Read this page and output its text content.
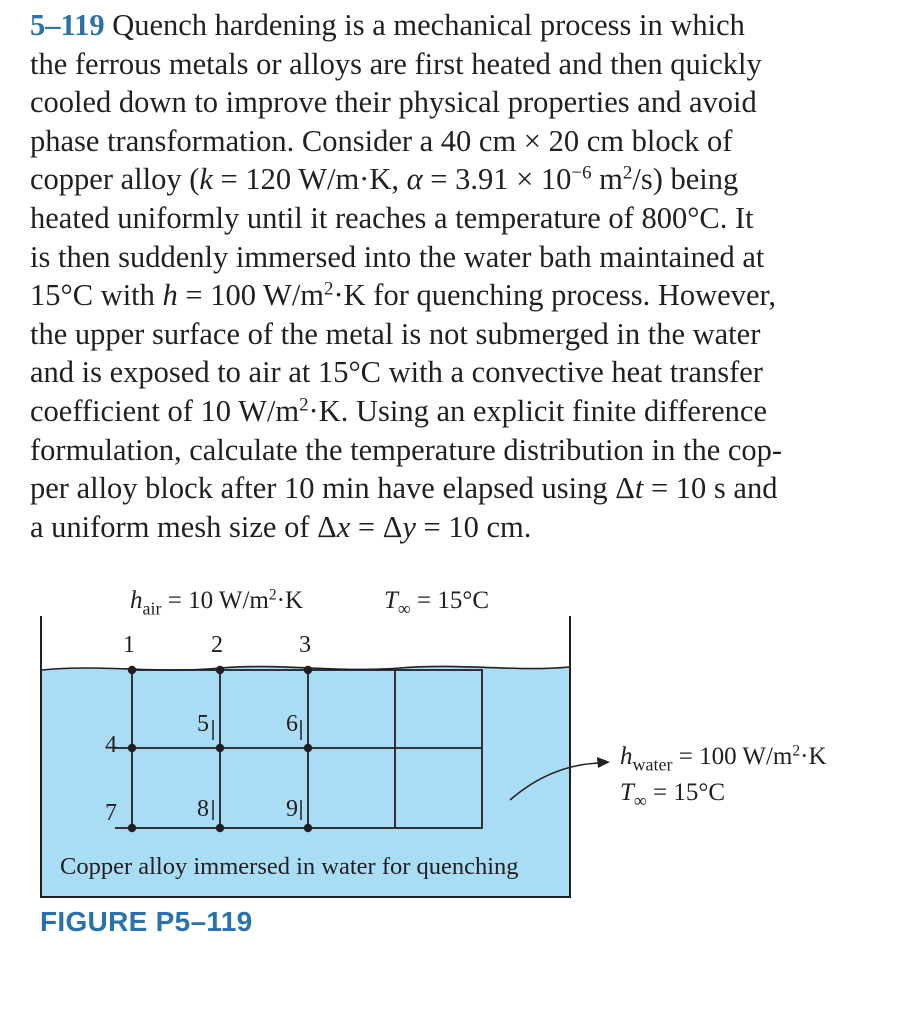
5–119 Quench hardening is a mechanical process in which
the ferrous metals or alloys are first heated and then quickly
cooled down to improve their physical properties and avoid
phase transformation. Consider a 40 cm × 20 cm block of
copper alloy (k = 120 W/m·K, $\alpha = 3.91 \times 10^{-6}$ $m^2/s$) being
heated uniformly until it reaches a temperature of 800°C. It
is then suddenly immersed into the water bath maintained at
15°C with h = 100 $W/m^2\cdot K$ for quenching process. However,
the upper surface of the metal is not submerged in the water
and is exposed to air at 15°C with a convective heat transfer
coefficient of 10 $W/m^2\cdot K$. Using an explicit finite difference
formulation, calculate the temperature distribution in the cop-
per alloy block after 10 min have elapsed using Δt = 10 s and
a uniform mesh size of Δx = Δy = 10 cm.
$h_{air} = 10$ $W/m^2\cdot K$	$T_\infty = 15^\circ C$
1	2	3
4
5	6
7	8	9
Copper alloy immersed in water for quenching
$h_{water} = 100$ $W/m^2\cdot K$
$T_\infty = 15^\circ C$
FIGURE P5–119
